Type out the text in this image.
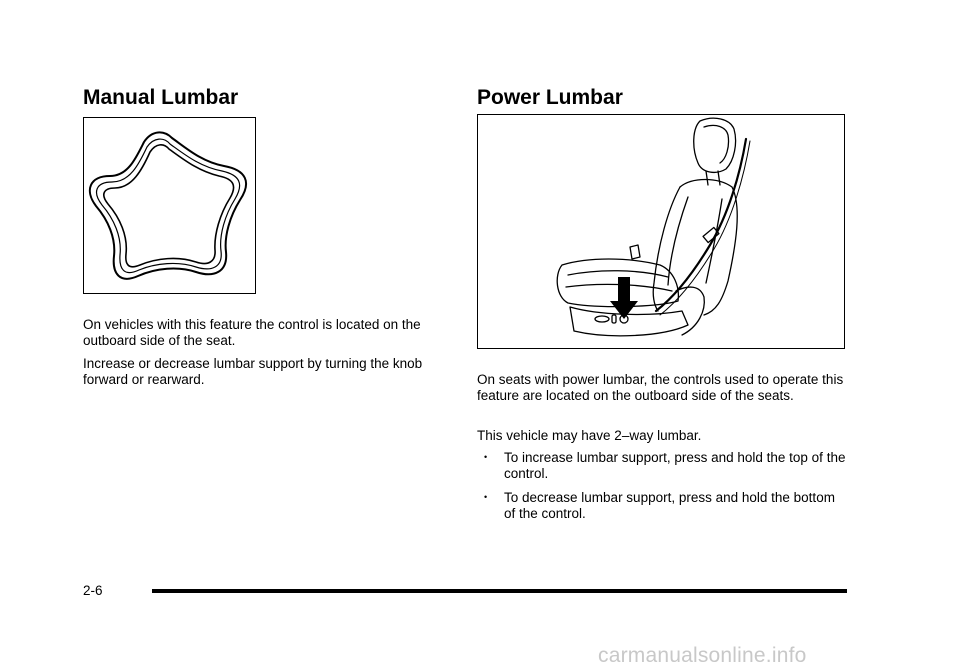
Manual Lumbar

On vehicles with this feature the control is located on the outboard side of the seat.

Increase or decrease lumbar support by turning the knob forward or rearward.

Power Lumbar

On seats with power lumbar, the controls used to operate this feature are located on the outboard side of the seats.

This vehicle may have 2–way lumbar.

• To increase lumbar support, press and hold the top of the control.
• To decrease lumbar support, press and hold the bottom of the control.
2-6
carmanualsonline.info
